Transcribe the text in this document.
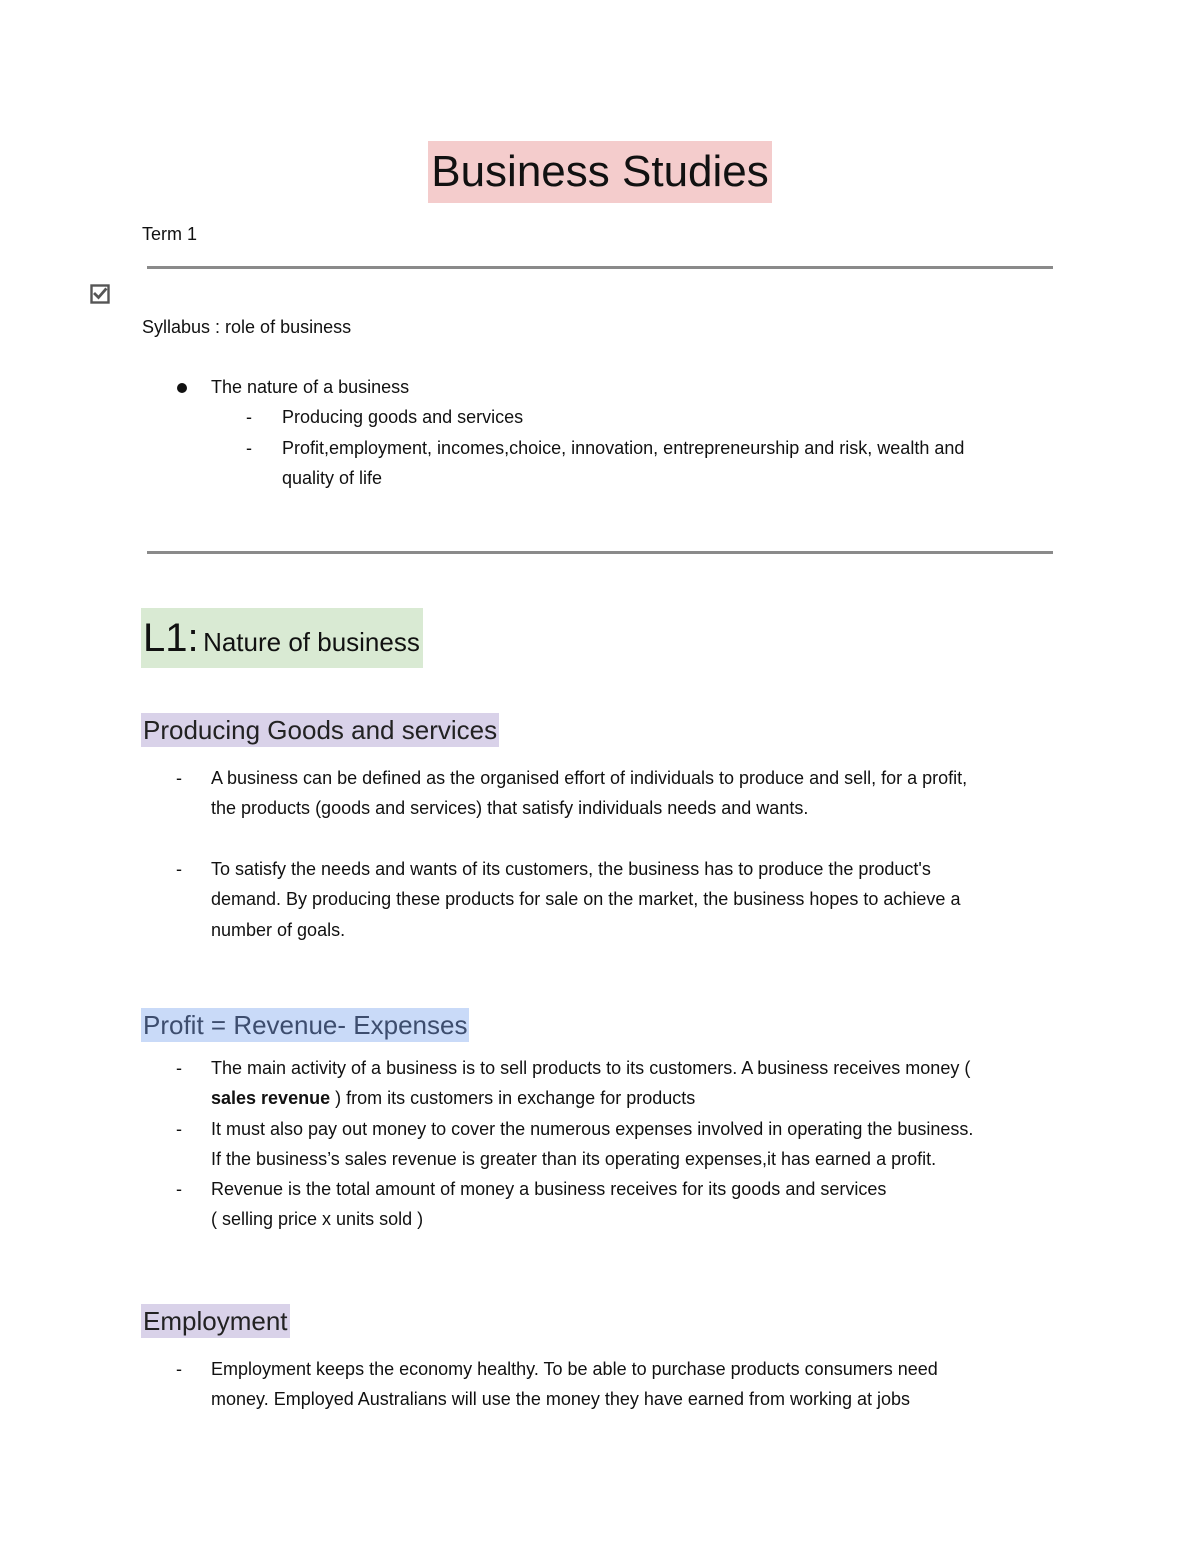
Business Studies
Term 1
Syllabus : role of business
The nature of a business
- Producing goods and services
- Profit,employment, incomes,choice, innovation, entrepreneurship and risk, wealth and
quality of life
L1: Nature of business
Producing Goods and services
- A business can be defined as the organised effort of individuals to produce and sell, for a profit,
the products (goods and services) that satisfy individuals needs and wants.
- To satisfy the needs and wants of its customers, the business has to produce the product's
demand. By producing these products for sale on the market, the business hopes to achieve a
number of goals.
Profit = Revenue- Expenses
- The main activity of a business is to sell products to its customers. A business receives money (
sales revenue ) from its customers in exchange for products
- It must also pay out money to cover the numerous expenses involved in operating the business.
If the business’s sales revenue is greater than its operating expenses,it has earned a profit.
- Revenue is the total amount of money a business receives for its goods and services
( selling price x units sold )
Employment
- Employment keeps the economy healthy. To be able to purchase products consumers need
money. Employed Australians will use the money they have earned from working at jobs
